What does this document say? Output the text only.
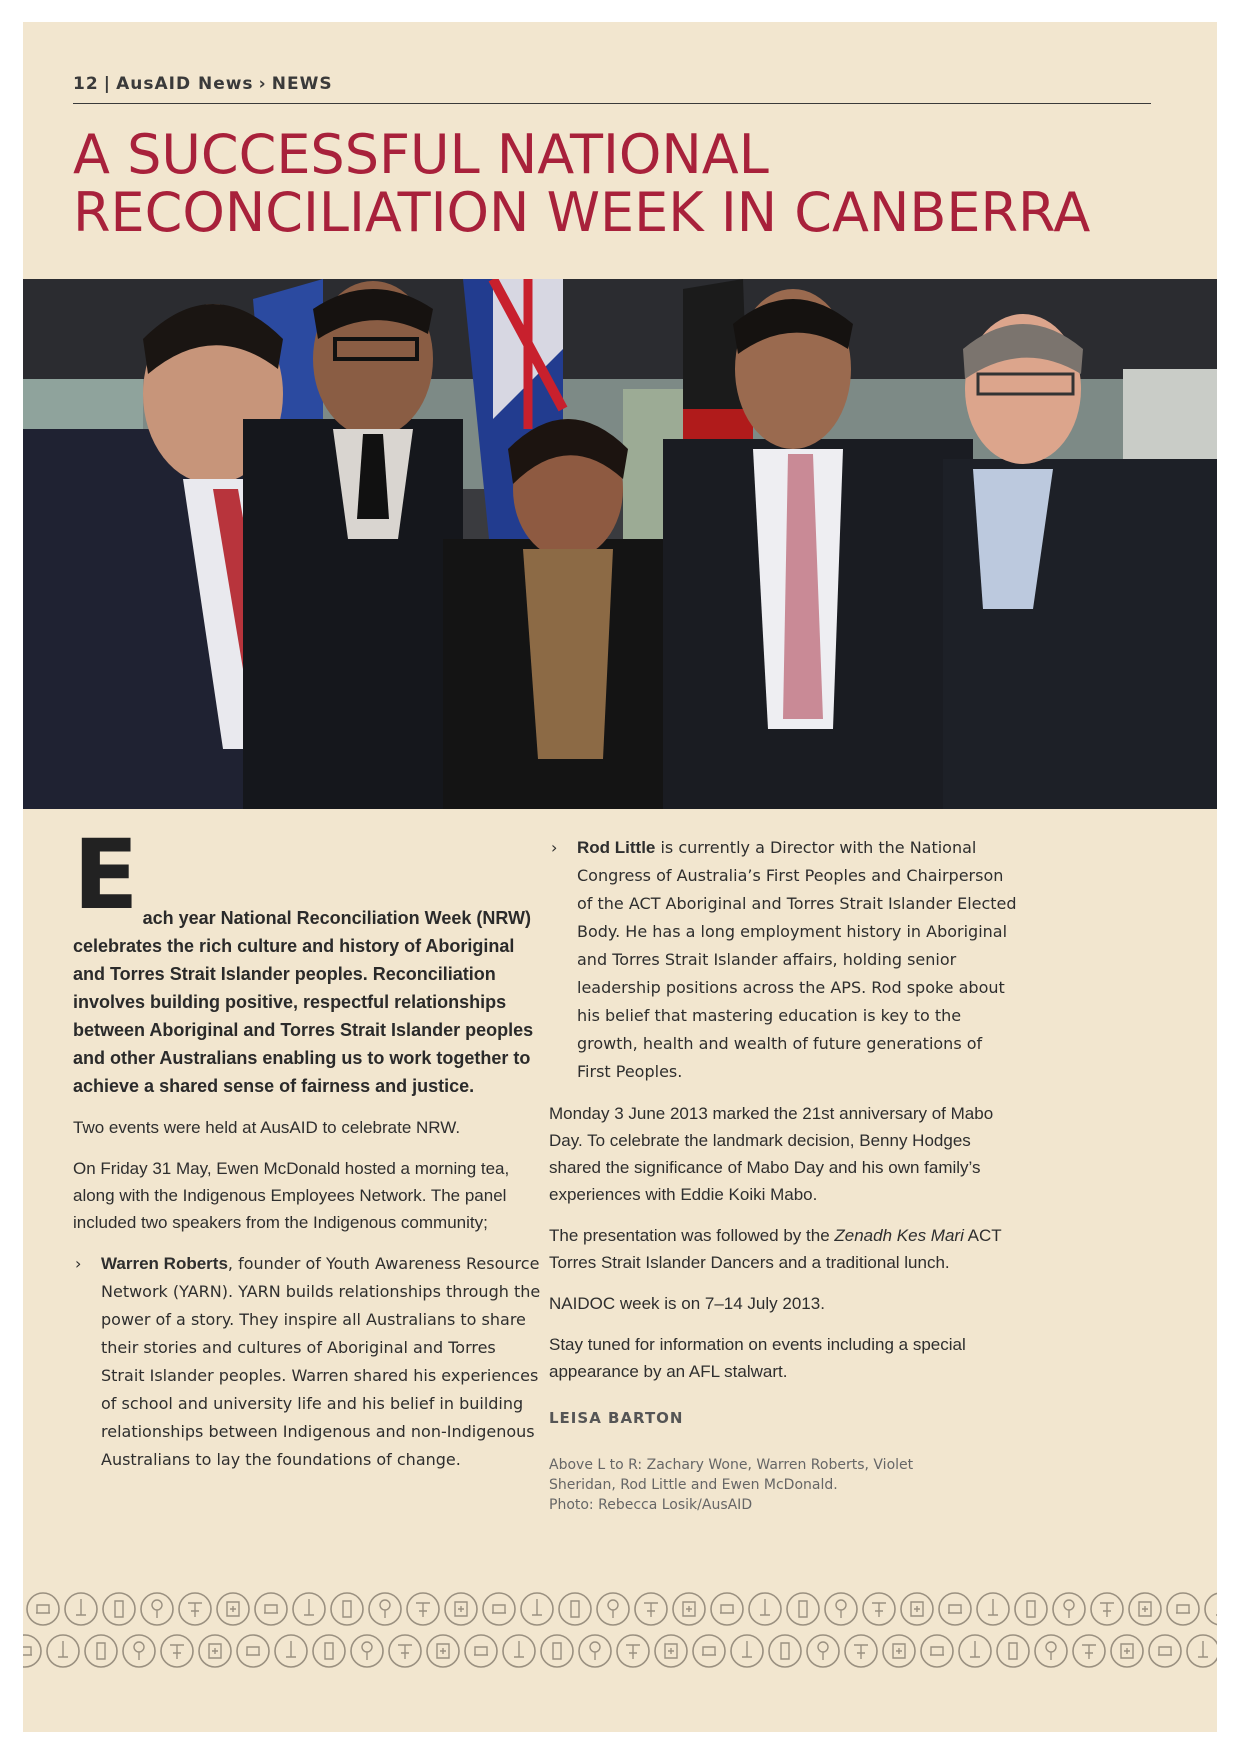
12 | AusAID News › NEWS
A SUCCESSFUL NATIONAL
RECONCILIATION WEEK IN CANBERRA
E ach year National Reconciliation Week (NRW) celebrates the rich culture and history of Aboriginal and Torres Strait Islander peoples. Reconciliation involves building positive, respectful relationships between Aboriginal and Torres Strait Islander peoples and other Australians enabling us to work together to achieve a shared sense of fairness and justice.

Two events were held at AusAID to celebrate NRW.

On Friday 31 May, Ewen McDonald hosted a morning tea, along with the Indigenous Employees Network. The panel included two speakers from the Indigenous community;

› Warren Roberts, founder of Youth Awareness Resource Network (YARN). YARN builds relationships through the power of a story. They inspire all Australians to share their stories and cultures of Aboriginal and Torres Strait Islander peoples. Warren shared his experiences of school and university life and his belief in building relationships between Indigenous and non-Indigenous Australians to lay the foundations of change.
› Rod Little is currently a Director with the National Congress of Australia’s First Peoples and Chairperson of the ACT Aboriginal and Torres Strait Islander Elected Body. He has a long employment history in Aboriginal and Torres Strait Islander affairs, holding senior leadership positions across the APS. Rod spoke about his belief that mastering education is key to the growth, health and wealth of future generations of First Peoples.

Monday 3 June 2013 marked the 21st anniversary of Mabo Day. To celebrate the landmark decision, Benny Hodges shared the significance of Mabo Day and his own family’s experiences with Eddie Koiki Mabo.

The presentation was followed by the Zenadh Kes Mari ACT Torres Strait Islander Dancers and a traditional lunch.

NAIDOC week is on 7–14 July 2013.

Stay tuned for information on events including a special appearance by an AFL stalwart.

LEISA BARTON
Above L to R: Zachary Wone, Warren Roberts, Violet
Sheridan, Rod Little and Ewen McDonald.
Photo: Rebecca Losik/AusAID
